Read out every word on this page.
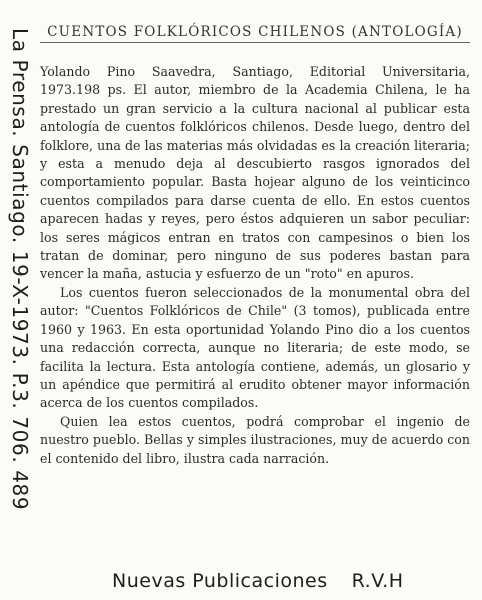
La Prensa. Santiago. 19-X-1973. P.3. 706. 489	CUENTOS FOLKLÓRICOS CHILENOS (ANTOLOGÍA)

Yolando Pino Saavedra, Santiago, Editorial Universitaria, 1973.198 ps. El autor, miembro de la Academia Chilena, le ha prestado un gran servicio a la cultura nacional al publicar esta antología de cuentos folklóricos chilenos. Desde luego, dentro del folklore, una de las materias más olvidadas es la creación literaria; y esta a menudo deja al descubierto rasgos ignorados del comportamiento popular. Basta hojear alguno de los veinticinco cuentos compilados para darse cuenta de ello. En estos cuentos aparecen hadas y reyes, pero éstos adquieren un sabor peculiar: los seres mágicos entran en tratos con campesinos o bien los tratan de dominar, pero ninguno de sus poderes bastan para vencer la maña, astucia y esfuerzo de un "roto" en apuros.

Los cuentos fueron seleccionados de la monumental obra del autor: "Cuentos Folklóricos de Chile" (3 tomos), publicada entre 1960 y 1963. En esta oportunidad Yolando Pino dio a los cuentos una redacción correcta, aunque no literaria; de este modo, se facilita la lectura. Esta antología contiene, además, un glosario y un apéndice que permitirá al erudito obtener mayor información acerca de los cuentos compilados.

Quien lea estos cuentos, podrá comprobar el ingenio de nuestro pueblo. Bellas y simples ilustraciones, muy de acuerdo con el contenido del libro, ilustra cada narración.

Nuevas Publicaciones R.V.H
